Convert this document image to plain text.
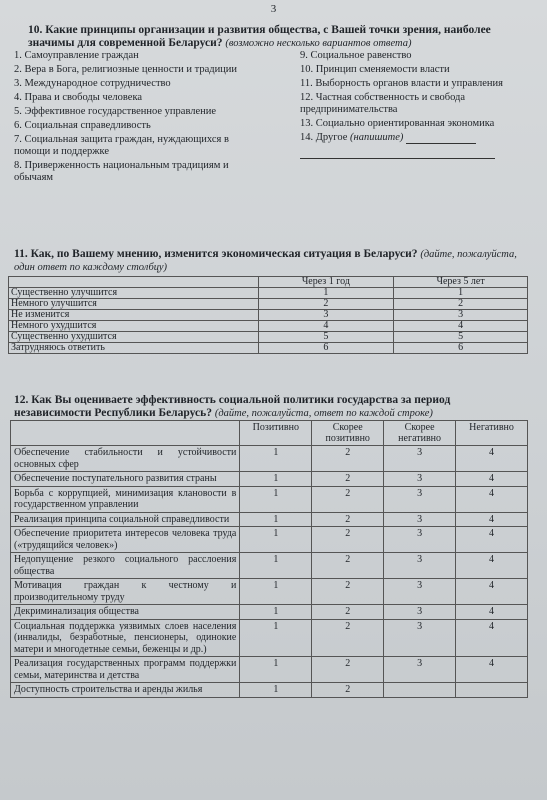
3
10. Какие принципы организации и развития общества, с Вашей точки зрения, наиболее значимы для современной Беларуси? (возможно несколько вариантов ответа)
1. Самоуправление граждан
2. Вера в Бога, религиозные ценности и традиции
3. Международное сотрудничество
4. Права и свободы человека
5. Эффективное государственное управление
6. Социальная справедливость
7. Социальная защита граждан, нуждающихся в помощи и поддержке
8. Приверженность национальным традициям и обычаям
9. Социальное равенство
10. Принцип сменяемости власти
11. Выборность органов власти и управления
12. Частная собственность и свобода предпринимательства
13. Социально ориентированная экономика
14. Другое (напишите)
11. Как, по Вашему мнению, изменится экономическая ситуация в Беларуси? (дайте, пожалуйста, один ответ по каждому столбцу)
	Через 1 год	Через 5 лет
Существенно улучшится	1	1
Немного улучшится	2	2
Не изменится	3	3
Немного ухудшится	4	4
Существенно ухудшится	5	5
Затрудняюсь ответить	6	6
12. Как Вы оцениваете эффективность социальной политики государства за период независимости Республики Беларусь? (дайте, пожалуйста, ответ по каждой строке)
	Позитивно	Скорее позитивно	Скорее негативно	Негативно
Обеспечение стабильности и устойчивости основных сфер	1	2	3	4
Обеспечение поступательного развития страны	1	2	3	4
Борьба с коррупцией, минимизация клановости в государственном управлении	1	2	3	4
Реализация принципа социальной справедливости	1	2	3	4
Обеспечение приоритета интересов человека труда («трудящийся человек»)	1	2	3	4
Недопущение резкого социального расслоения общества	1	2	3	4
Мотивация граждан к честному и производительному труду	1	2	3	4
Декриминализация общества	1	2	3	4
Социальная поддержка уязвимых слоев населения (инвалиды, безработные, пенсионеры, одинокие матери и многодетные семьи, беженцы и др.)	1	2	3	4
Реализация государственных программ поддержки семьи, материнства и детства	1	2	3	4
Доступность строительства и аренды жилья	1	2		
